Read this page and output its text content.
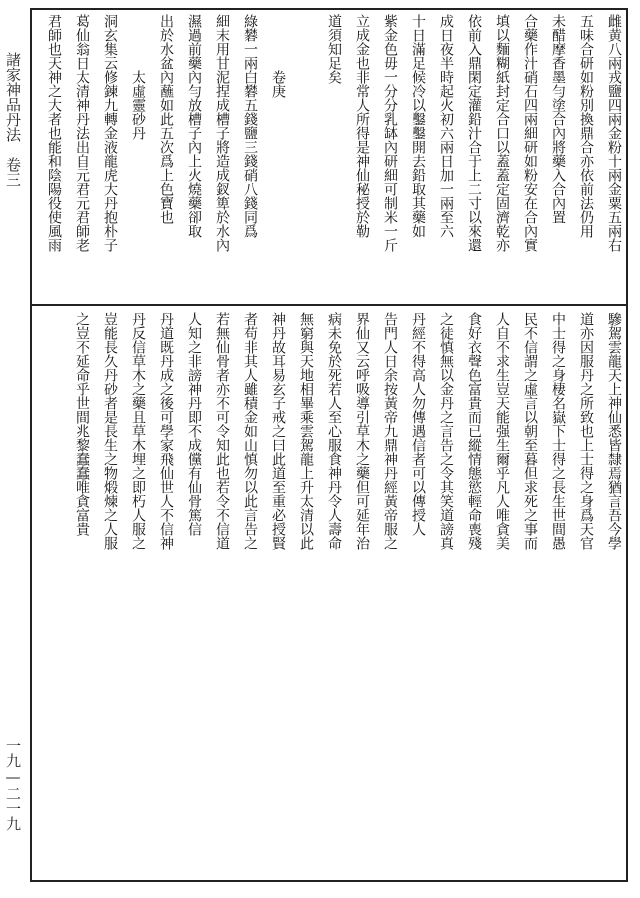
諸家神品丹法　卷三
一九—二一九
雌黄八兩戎鹽四兩金粉十兩金粟五兩右
五味合研如粉別換鼎合亦依前法仍用
未醋摩香墨勻塗合內將藥入合內置
合藥作汁硝石四兩細研如粉安在合內實
填以麵糊紙封定合口以蓋蓋定固濟乾亦
依前入鼎閑定灌鉛汁合于上二寸以來還
成日夜半時起火初六兩日加一兩至六
十日滿足候冷以鑿鑿開去鉛取其藥如
紫金色毋一分分乳缽內研細可制米一斤
立成金也非常人所得是神仙秘授於勒
道須知足矣

　　　　卷庚
綠礬一兩白礬五錢鹽三錢硝八錢同爲
細末用甘泥捏成槽子將造成釵箄於水內
濕過前藥內勻放槽子內上火燒藥卻取
出於水盆內蘸如此五次爲上色寶也
　　　　太虛靈砂丹
洞玄集云修鍊九轉金液龍虎大丹抱朴子
葛仙翁日太清神丹法出自元君元君師老
君師也天神之大者也能和陰陽役使風雨
驂駕雲龍天上神仙悉皆隸焉猶言吾今學
道亦因服丹之所致也上士得之身爲天官
中士得之身棲名嶽下士得之長生世間愚
民不信謂之虛言以朝至暮但求死之事而
人自不求生豈天能强生爾乎凡人唯貪美
食好衣聲色富貴而已縱情態慾輕命喪殘
之徒慎無以金丹之言告之令其笑道謗真
丹經不得高人勿傳遇信者可以傳授人
告門人日余按黃帝九鼎神丹經黃帝服之
界仙又云呼吸導引草木之藥但可延年治
病未免於死若人至心服食神丹令人壽命
無窮與天地相畢乘雲駕龍上升太清以此
神丹故耳易玄子戒之曰此道至重必授賢
者苟非其人雖積金如山慎勿以此言告之
若無仙骨者亦不可令知此也若令不信道
人知之非謗神丹即不成儻有仙骨篤信
丹道既丹成之後可學家飛仙世人不信神
丹反信草木之藥且草木埋之即朽人服之
豈能長久丹砂者是長生之物煅煉之人服
之豈不延命乎世間兆黎蠢蠢唯貪富貴
